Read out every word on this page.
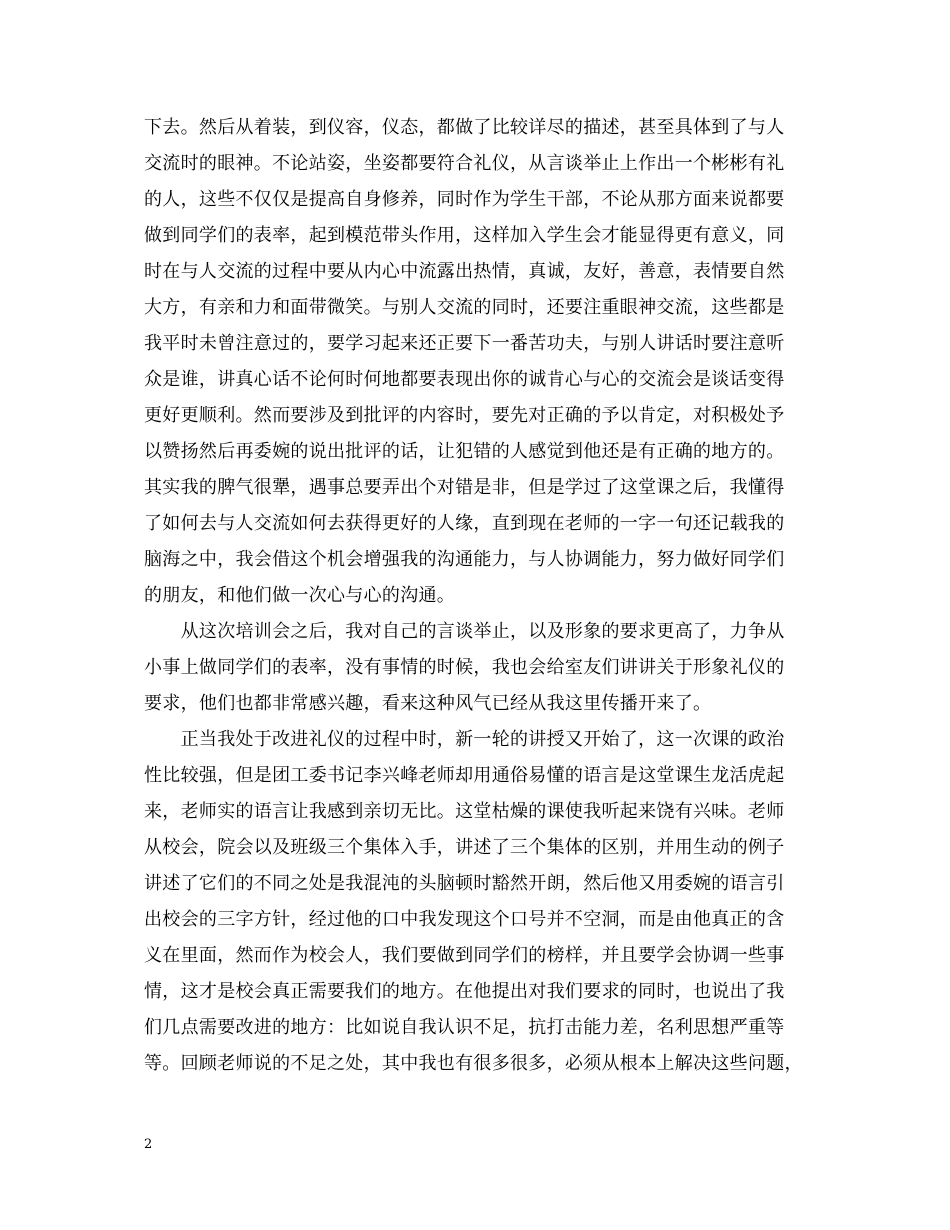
下去。然后从着装，到仪容，仪态，都做了比较详尽的描述，甚至具体到了与人
交流时的眼神。不论站姿，坐姿都要符合礼仪，从言谈举止上作出一个彬彬有礼
的人，这些不仅仅是提高自身修养，同时作为学生干部，不论从那方面来说都要
做到同学们的表率，起到模范带头作用，这样加入学生会才能显得更有意义，同
时在与人交流的过程中要从内心中流露出热情，真诚，友好，善意，表情要自然
大方，有亲和力和面带微笑。与别人交流的同时，还要注重眼神交流，这些都是
我平时未曾注意过的，要学习起来还正要下一番苦功夫，与别人讲话时要注意听
众是谁，讲真心话不论何时何地都要表现出你的诚肯心与心的交流会是谈话变得
更好更顺利。然而要涉及到批评的内容时，要先对正确的予以肯定，对积极处予
以赞扬然后再委婉的说出批评的话，让犯错的人感觉到他还是有正确的地方的。
其实我的脾气很犟，遇事总要弄出个对错是非，但是学过了这堂课之后，我懂得
了如何去与人交流如何去获得更好的人缘，直到现在老师的一字一句还记载我的
脑海之中，我会借这个机会增强我的沟通能力，与人协调能力，努力做好同学们
的朋友，和他们做一次心与心的沟通。
　　从这次培训会之后，我对自己的言谈举止，以及形象的要求更高了，力争从
小事上做同学们的表率，没有事情的时候，我也会给室友们讲讲关于形象礼仪的
要求，他们也都非常感兴趣，看来这种风气已经从我这里传播开来了。
　　正当我处于改进礼仪的过程中时，新一轮的讲授又开始了，这一次课的政治
性比较强，但是团工委书记李兴峰老师却用通俗易懂的语言是这堂课生龙活虎起
来，老师实的语言让我感到亲切无比。这堂枯燥的课使我听起来饶有兴味。老师
从校会，院会以及班级三个集体入手，讲述了三个集体的区别，并用生动的例子
讲述了它们的不同之处是我混沌的头脑顿时豁然开朗，然后他又用委婉的语言引
出校会的三字方针，经过他的口中我发现这个口号并不空洞，而是由他真正的含
义在里面，然而作为校会人，我们要做到同学们的榜样，并且要学会协调一些事
情，这才是校会真正需要我们的地方。在他提出对我们要求的同时，也说出了我
们几点需要改进的地方：比如说自我认识不足，抗打击能力差，名利思想严重等
等。回顾老师说的不足之处，其中我也有很多很多，必须从根本上解决这些问题，
2
